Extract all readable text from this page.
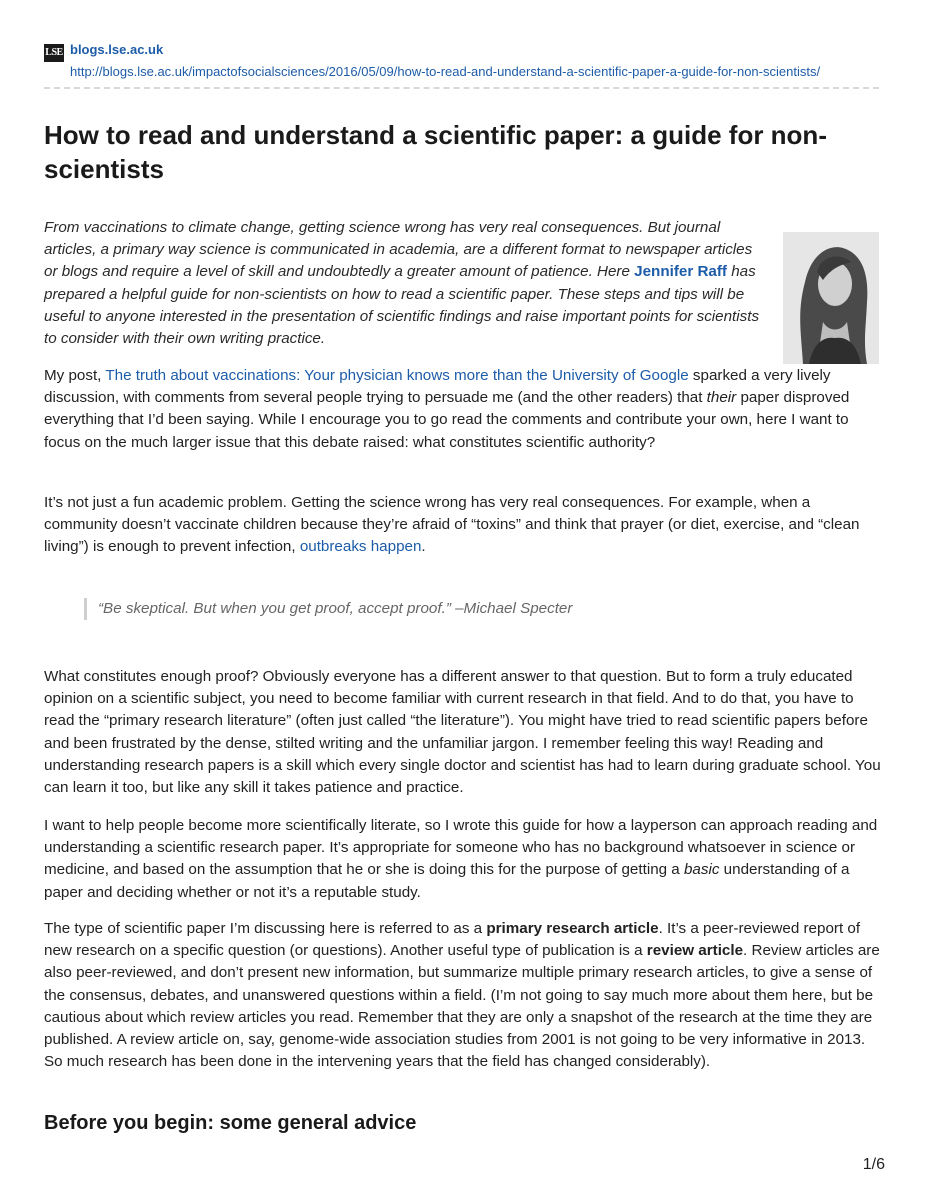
LSE blogs.lse.ac.uk
http://blogs.lse.ac.uk/impactofsocialsciences/2016/05/09/how-to-read-and-understand-a-scientific-paper-a-guide-for-non-scientists/
How to read and understand a scientific paper: a guide for non-scientists
From vaccinations to climate change, getting science wrong has very real consequences. But journal articles, a primary way science is communicated in academia, are a different format to newspaper articles or blogs and require a level of skill and undoubtedly a greater amount of patience. Here Jennifer Raff has prepared a helpful guide for non-scientists on how to read a scientific paper. These steps and tips will be useful to anyone interested in the presentation of scientific findings and raise important points for scientists to consider with their own writing practice.
My post, The truth about vaccinations: Your physician knows more than the University of Google sparked a very lively discussion, with comments from several people trying to persuade me (and the other readers) that their paper disproved everything that I’d been saying. While I encourage you to go read the comments and contribute your own, here I want to focus on the much larger issue that this debate raised: what constitutes scientific authority?
It’s not just a fun academic problem. Getting the science wrong has very real consequences. For example, when a community doesn’t vaccinate children because they’re afraid of “toxins” and think that prayer (or diet, exercise, and “clean living”) is enough to prevent infection, outbreaks happen.
“Be skeptical. But when you get proof, accept proof.” –Michael Specter
What constitutes enough proof? Obviously everyone has a different answer to that question. But to form a truly educated opinion on a scientific subject, you need to become familiar with current research in that field. And to do that, you have to read the “primary research literature” (often just called “the literature”). You might have tried to read scientific papers before and been frustrated by the dense, stilted writing and the unfamiliar jargon. I remember feeling this way! Reading and understanding research papers is a skill which every single doctor and scientist has had to learn during graduate school. You can learn it too, but like any skill it takes patience and practice.
I want to help people become more scientifically literate, so I wrote this guide for how a layperson can approach reading and understanding a scientific research paper. It’s appropriate for someone who has no background whatsoever in science or medicine, and based on the assumption that he or she is doing this for the purpose of getting a basic understanding of a paper and deciding whether or not it’s a reputable study.
The type of scientific paper I’m discussing here is referred to as a primary research article. It’s a peer-reviewed report of new research on a specific question (or questions). Another useful type of publication is a review article. Review articles are also peer-reviewed, and don’t present new information, but summarize multiple primary research articles, to give a sense of the consensus, debates, and unanswered questions within a field. (I’m not going to say much more about them here, but be cautious about which review articles you read. Remember that they are only a snapshot of the research at the time they are published. A review article on, say, genome-wide association studies from 2001 is not going to be very informative in 2013. So much research has been done in the intervening years that the field has changed considerably).
Before you begin: some general advice
1/6
